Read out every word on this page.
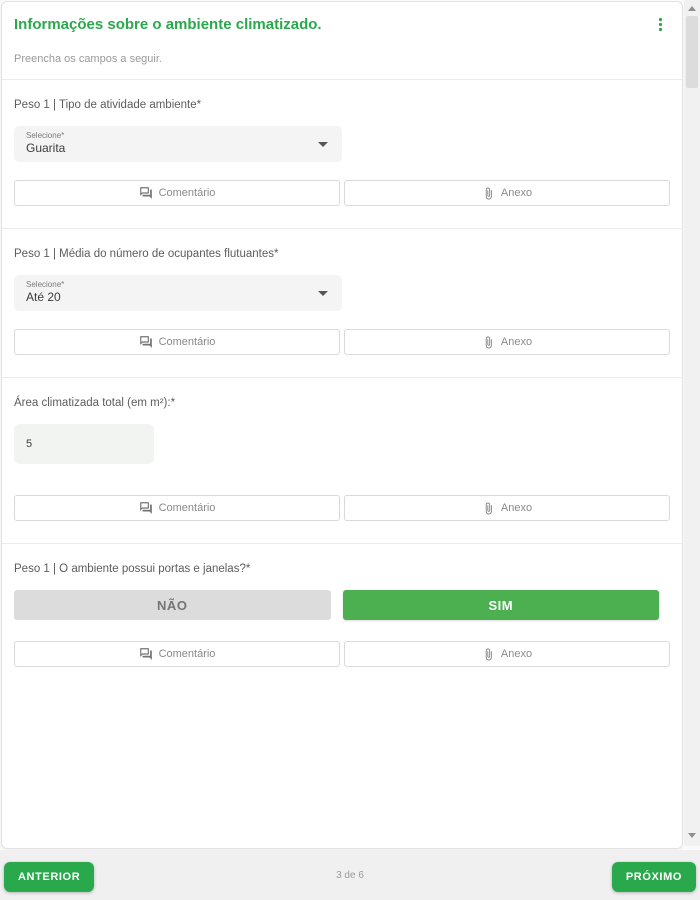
Informações sobre o ambiente climatizado.
Preencha os campos a seguir.
Peso 1 | Tipo de atividade ambiente*
Selecione*
Guarita
Comentário	Anexo
Peso 1 | Média do número de ocupantes flutuantes*
Selecione*
Até 20
Comentário	Anexo
Área climatizada total (em m²):*
5
Comentário	Anexo
Peso 1 | O ambiente possui portas e janelas?*
NÃO	SIM
Comentário	Anexo
ANTERIOR	3 de 6	PRÓXIMO
